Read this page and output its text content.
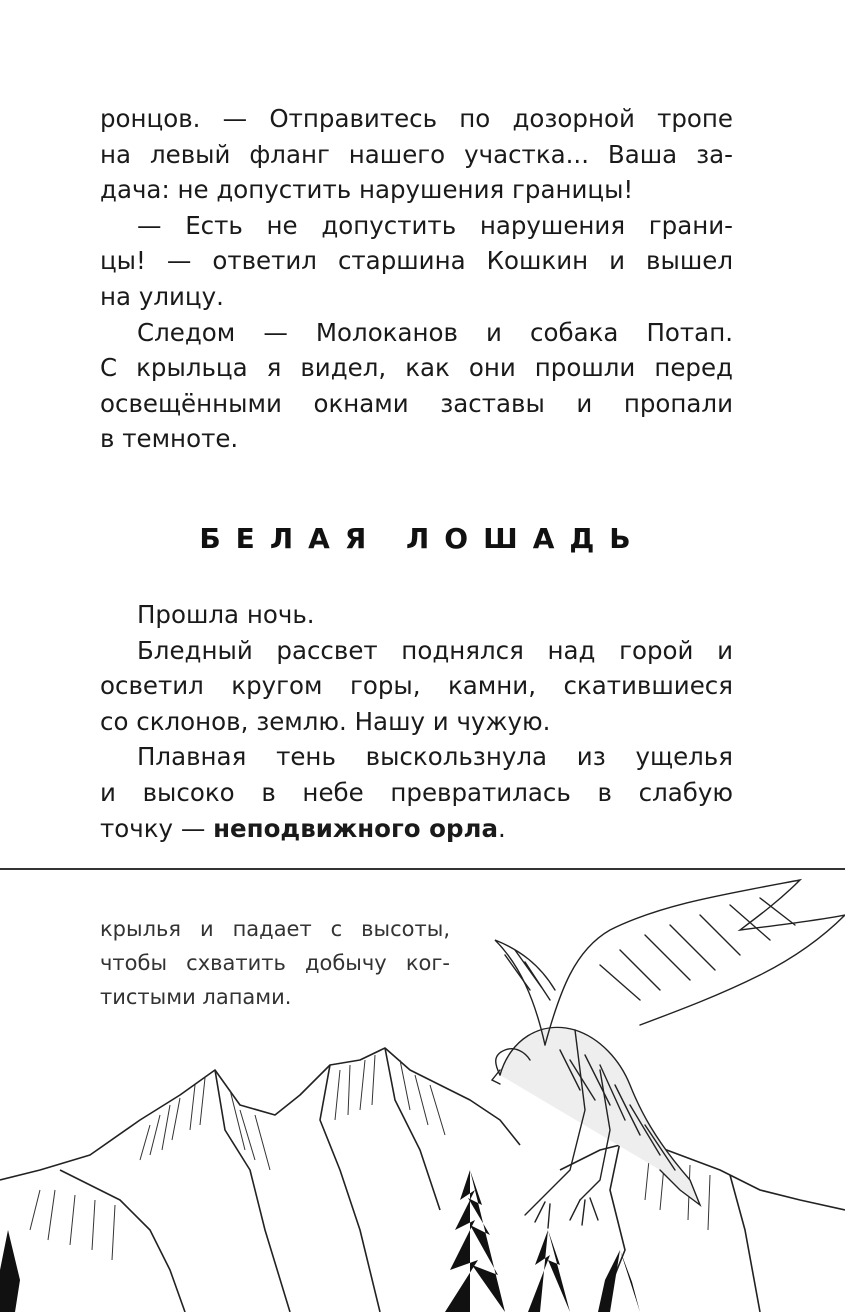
ронцов. — Отправитесь по дозорной тропе
на левый фланг нашего участка... Ваша за-
дача: не допустить нарушения границы!

— Есть не допустить нарушения грани-
цы! — ответил старшина Кошкин и вышел
на улицу.

Следом — Молоканов и собака Потап.
С крыльца я видел, как они прошли перед
освещёнными окнами заставы и пропали
в темноте.

БЕЛАЯ ЛОШАДЬ

Прошла ночь.

Бледный рассвет поднялся над горой и
осветил кругом горы, камни, скатившиеся
со склонов, землю. Нашу и чужую.

Плавная тень выскользнула из ущелья
и высоко в небе превратилась в слабую
точку — неподвижного орла.

крылья и падает с высоты,
чтобы схватить добычу ког-
тистыми лапами.
